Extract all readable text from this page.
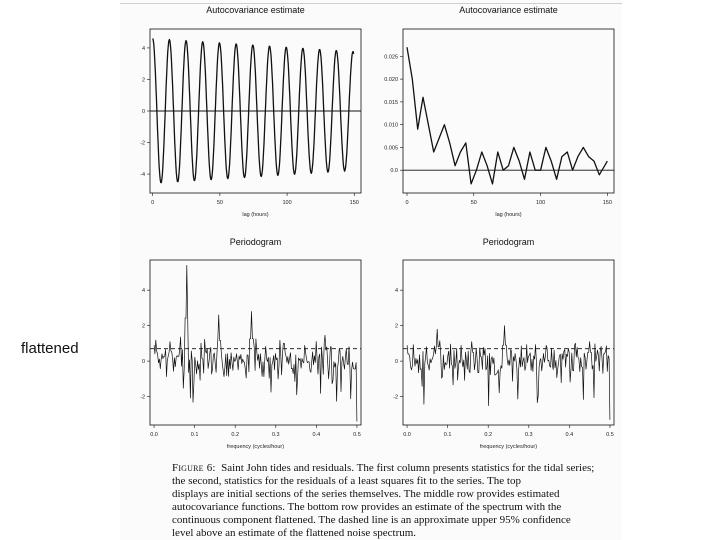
flattened
Autocovariance estimate
0	50	100	150
-4
-2
0
2
4
lag (hours)
Autocovariance estimate
0	50	100	150
0.0
0.005
0.010
0.015
0.020
0.025
lag (hours)
Periodogram
0.0	0.1	0.2	0.3	0.4	0.5
-2
0
2
4
frequency (cycles/hour)
Periodogram
0.0	0.1	0.2	0.3	0.4	0.5
-2
0
2
4
frequency (cycles/hour)

Figure 6: Saint John tides and residuals. The first column presents statistics for the tidal series;

the second, statistics for the residuals of a least squares fit to the series. The top

displays are initial sections of the series themselves. The middle row provides estimated

autocovariance functions. The bottom row provides an estimate of the spectrum with the

continuous component flattened. The dashed line is an approximate upper 95% confidence

level above an estimate of the flattened noise spectrum.
